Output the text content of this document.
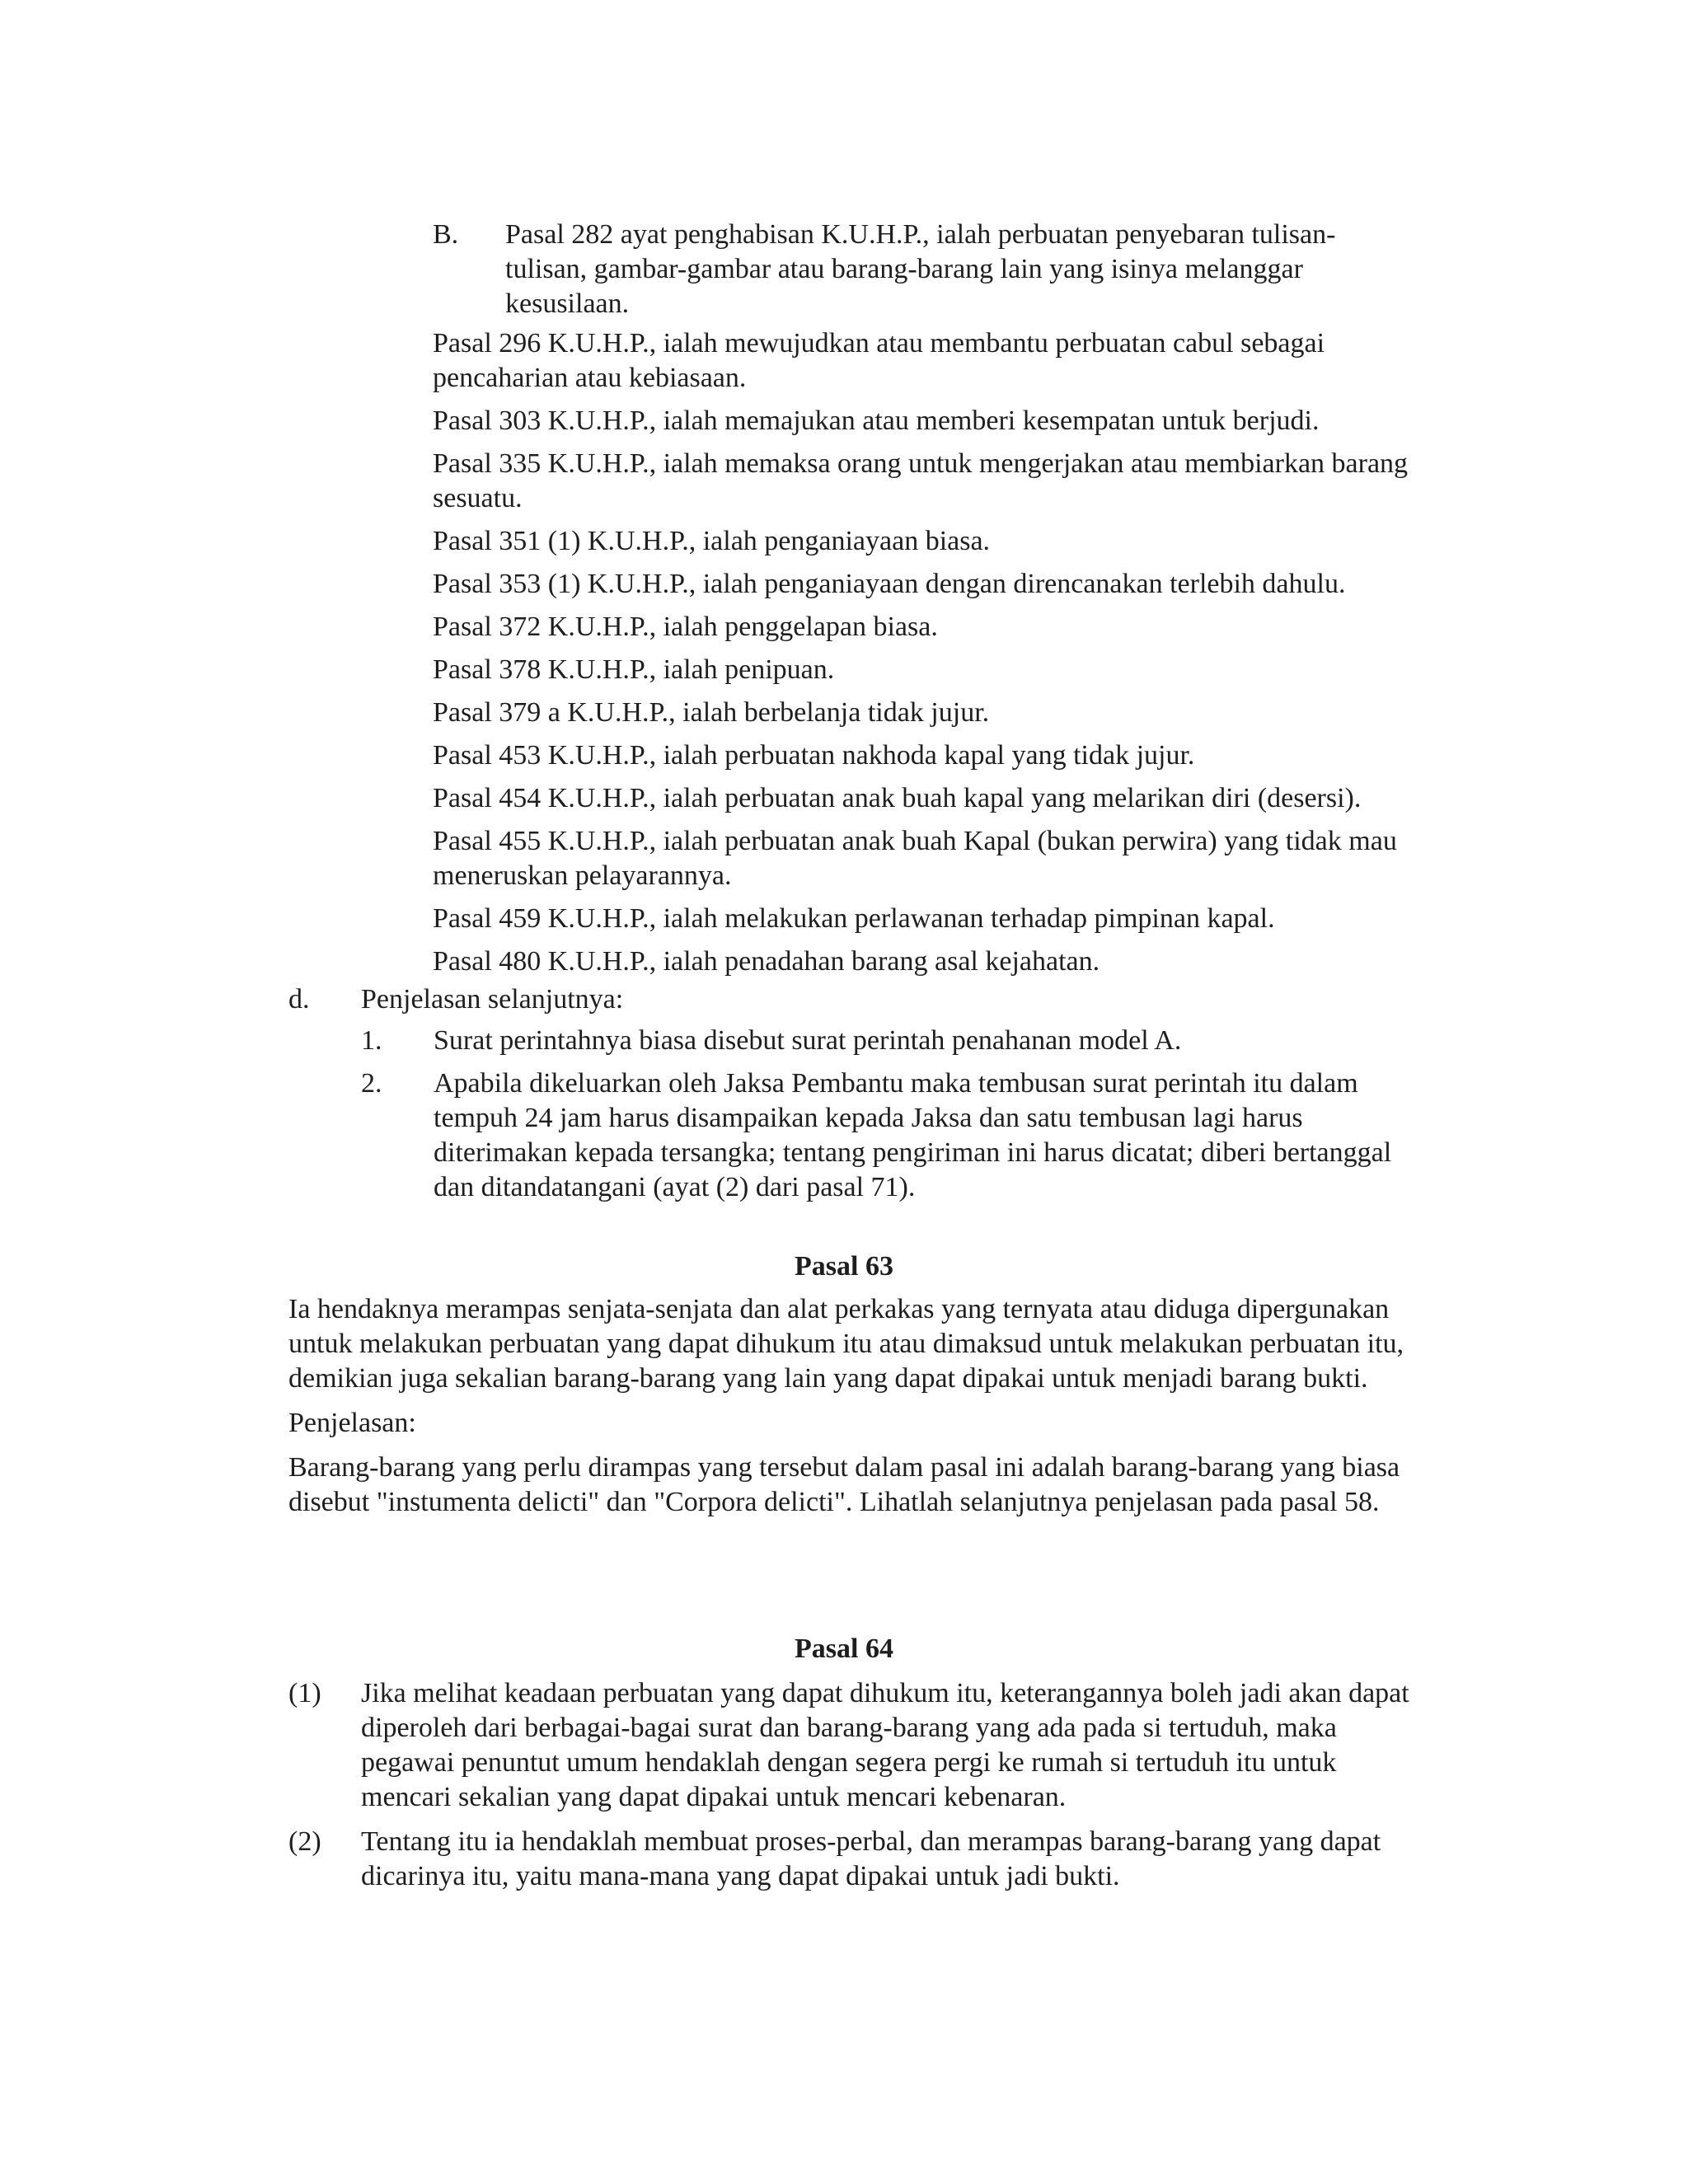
B. Pasal 282 ayat penghabisan K.U.H.P., ialah perbuatan penyebaran tulisan-tulisan, gambar-gambar atau barang-barang lain yang isinya melanggar kesusilaan.

Pasal 296 K.U.H.P., ialah mewujudkan atau membantu perbuatan cabul sebagai pencaharian atau kebiasaan.

Pasal 303 K.U.H.P., ialah memajukan atau memberi kesempatan untuk berjudi.

Pasal 335 K.U.H.P., ialah memaksa orang untuk mengerjakan atau membiarkan barang sesuatu.

Pasal 351 (1) K.U.H.P., ialah penganiayaan biasa.

Pasal 353 (1) K.U.H.P., ialah penganiayaan dengan direncanakan terlebih dahulu.

Pasal 372 K.U.H.P., ialah penggelapan biasa.

Pasal 378 K.U.H.P., ialah penipuan.

Pasal 379 a K.U.H.P., ialah berbelanja tidak jujur.

Pasal 453 K.U.H.P., ialah perbuatan nakhoda kapal yang tidak jujur.

Pasal 454 K.U.H.P., ialah perbuatan anak buah kapal yang melarikan diri (desersi).

Pasal 455 K.U.H.P., ialah perbuatan anak buah Kapal (bukan perwira) yang tidak mau meneruskan pelayarannya.

Pasal 459 K.U.H.P., ialah melakukan perlawanan terhadap pimpinan kapal.

Pasal 480 K.U.H.P., ialah penadahan barang asal kejahatan.

d. Penjelasan selanjutnya:
1. Surat perintahnya biasa disebut surat perintah penahanan model A.
2. Apabila dikeluarkan oleh Jaksa Pembantu maka tembusan surat perintah itu dalam tempuh 24 jam harus disampaikan kepada Jaksa dan satu tembusan lagi harus diterimakan kepada tersangka; tentang pengiriman ini harus dicatat; diberi bertanggal dan ditandatangani (ayat (2) dari pasal 71).
Pasal 63

Ia hendaknya merampas senjata-senjata dan alat perkakas yang ternyata atau diduga dipergunakan untuk melakukan perbuatan yang dapat dihukum itu atau dimaksud untuk melakukan perbuatan itu, demikian juga sekalian barang-barang yang lain yang dapat dipakai untuk menjadi barang bukti.

Penjelasan:

Barang-barang yang perlu dirampas yang tersebut dalam pasal ini adalah barang-barang yang biasa disebut "instumenta delicti" dan "Corpora delicti". Lihatlah selanjutnya penjelasan pada pasal 58.

Pasal 64
(1) Jika melihat keadaan perbuatan yang dapat dihukum itu, keterangannya boleh jadi akan dapat diperoleh dari berbagai-bagai surat dan barang-barang yang ada pada si tertuduh, maka pegawai penuntut umum hendaklah dengan segera pergi ke rumah si tertuduh itu untuk mencari sekalian yang dapat dipakai untuk mencari kebenaran.
(2) Tentang itu ia hendaklah membuat proses-perbal, dan merampas barang-barang yang dapat dicarinya itu, yaitu mana-mana yang dapat dipakai untuk jadi bukti.
